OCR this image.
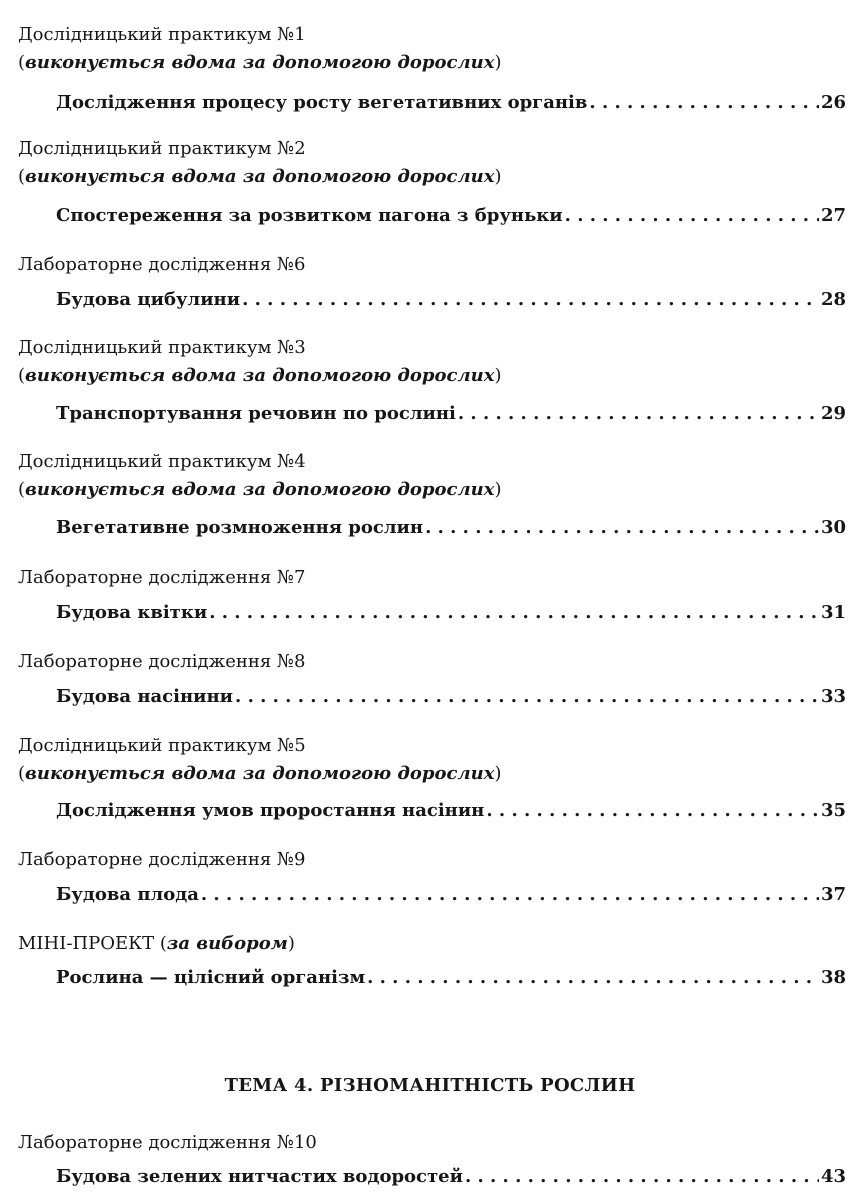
Дослідницький практикум №1
(виконується вдома за допомогою дорослих)
Дослідження процесу росту вегетативних органів . . .	26
Дослідницький практикум №2
(виконується вдома за допомогою дорослих)
Спостереження за розвитком пагона з бруньки . . .	27
Лабораторне дослідження №6
Будова цибулини . . .	28
Дослідницький практикум №3
(виконується вдома за допомогою дорослих)
Транспортування речовин по рослині . . .	29
Дослідницький практикум №4
(виконується вдома за допомогою дорослих)
Вегетативне розмноження рослин . . .	30
Лабораторне дослідження №7
Будова квітки . . .	31
Лабораторне дослідження №8
Будова насінини . . .	33
Дослідницький практикум №5
(виконується вдома за допомогою дорослих)
Дослідження умов проростання насінин . . .	35
Лабораторне дослідження №9
Будова плода . . .	37
МІНІ-ПРОЕКТ (за вибором)
Рослина — цілісний організм . . .	38
ТЕМА 4. РІЗНОМАНІТНІСТЬ РОСЛИН
Лабораторне дослідження №10
Будова зелених нитчастих водоростей . . .	43
